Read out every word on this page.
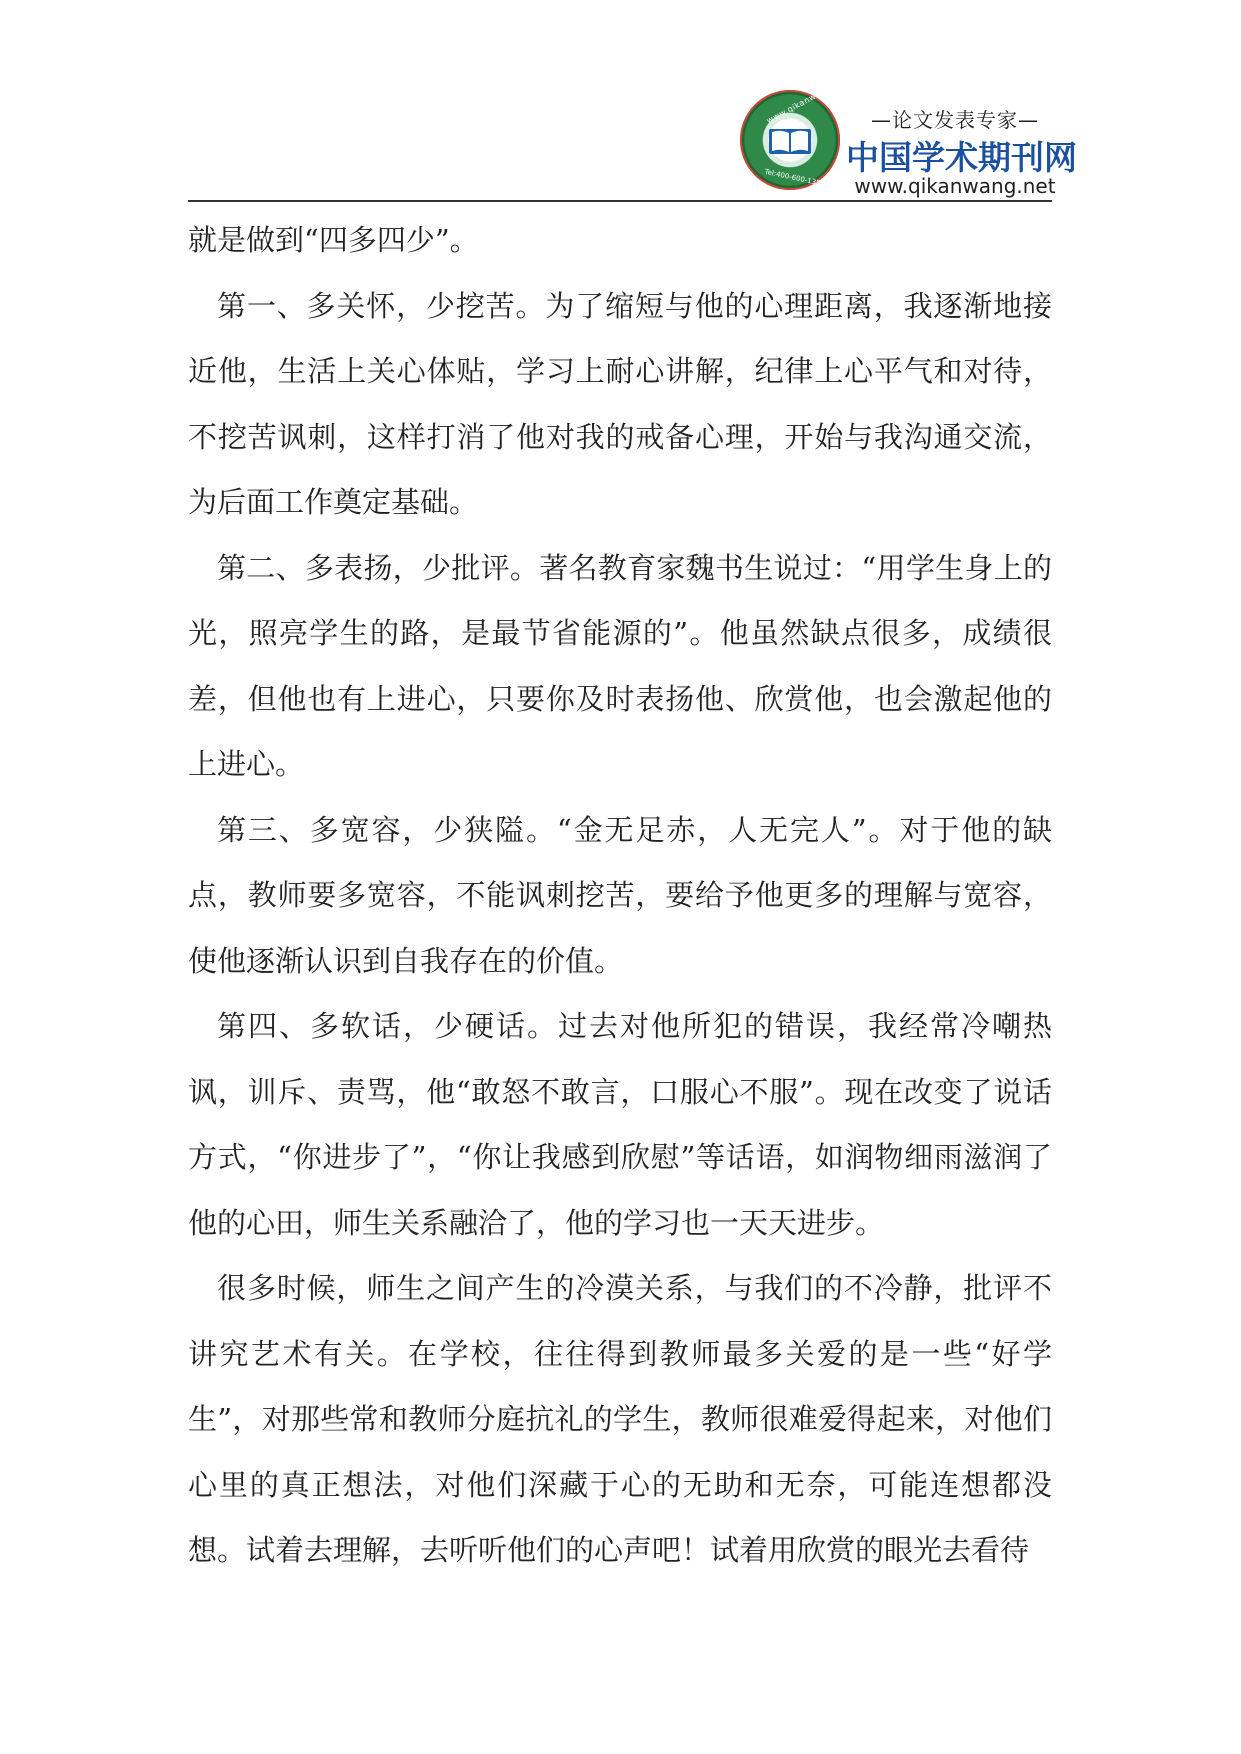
www.qikanwang.net
Tel:400-600-1357
—论文发表专家—
中国学术期刊网
www.qikanwang.net

就是做到“四多四少”。

第一、多关怀，少挖苦。为了缩短与他的心理距离，我逐渐地接近他，生活上关心体贴，学习上耐心讲解，纪律上心平气和对待，不挖苦讽刺，这样打消了他对我的戒备心理，开始与我沟通交流，为后面工作奠定基础。

第二、多表扬，少批评。著名教育家魏书生说过：“用学生身上的光，照亮学生的路，是最节省能源的”。他虽然缺点很多，成绩很差，但他也有上进心，只要你及时表扬他、欣赏他，也会激起他的上进心。

第三、多宽容，少狭隘。“金无足赤，人无完人”。对于他的缺点，教师要多宽容，不能讽刺挖苦，要给予他更多的理解与宽容，使他逐渐认识到自我存在的价值。

第四、多软话，少硬话。过去对他所犯的错误，我经常冷嘲热讽，训斥、责骂，他“敢怒不敢言，口服心不服”。现在改变了说话方式，“你进步了”，“你让我感到欣慰”等话语，如润物细雨滋润了他的心田，师生关系融洽了，他的学习也一天天进步。

很多时候，师生之间产生的冷漠关系，与我们的不冷静，批评不讲究艺术有关。在学校，往往得到教师最多关爱的是一些“好学生”，对那些常和教师分庭抗礼的学生，教师很难爱得起来，对他们心里的真正想法，对他们深藏于心的无助和无奈，可能连想都没想。试着去理解，去听听他们的心声吧！试着用欣赏的眼光去看待
